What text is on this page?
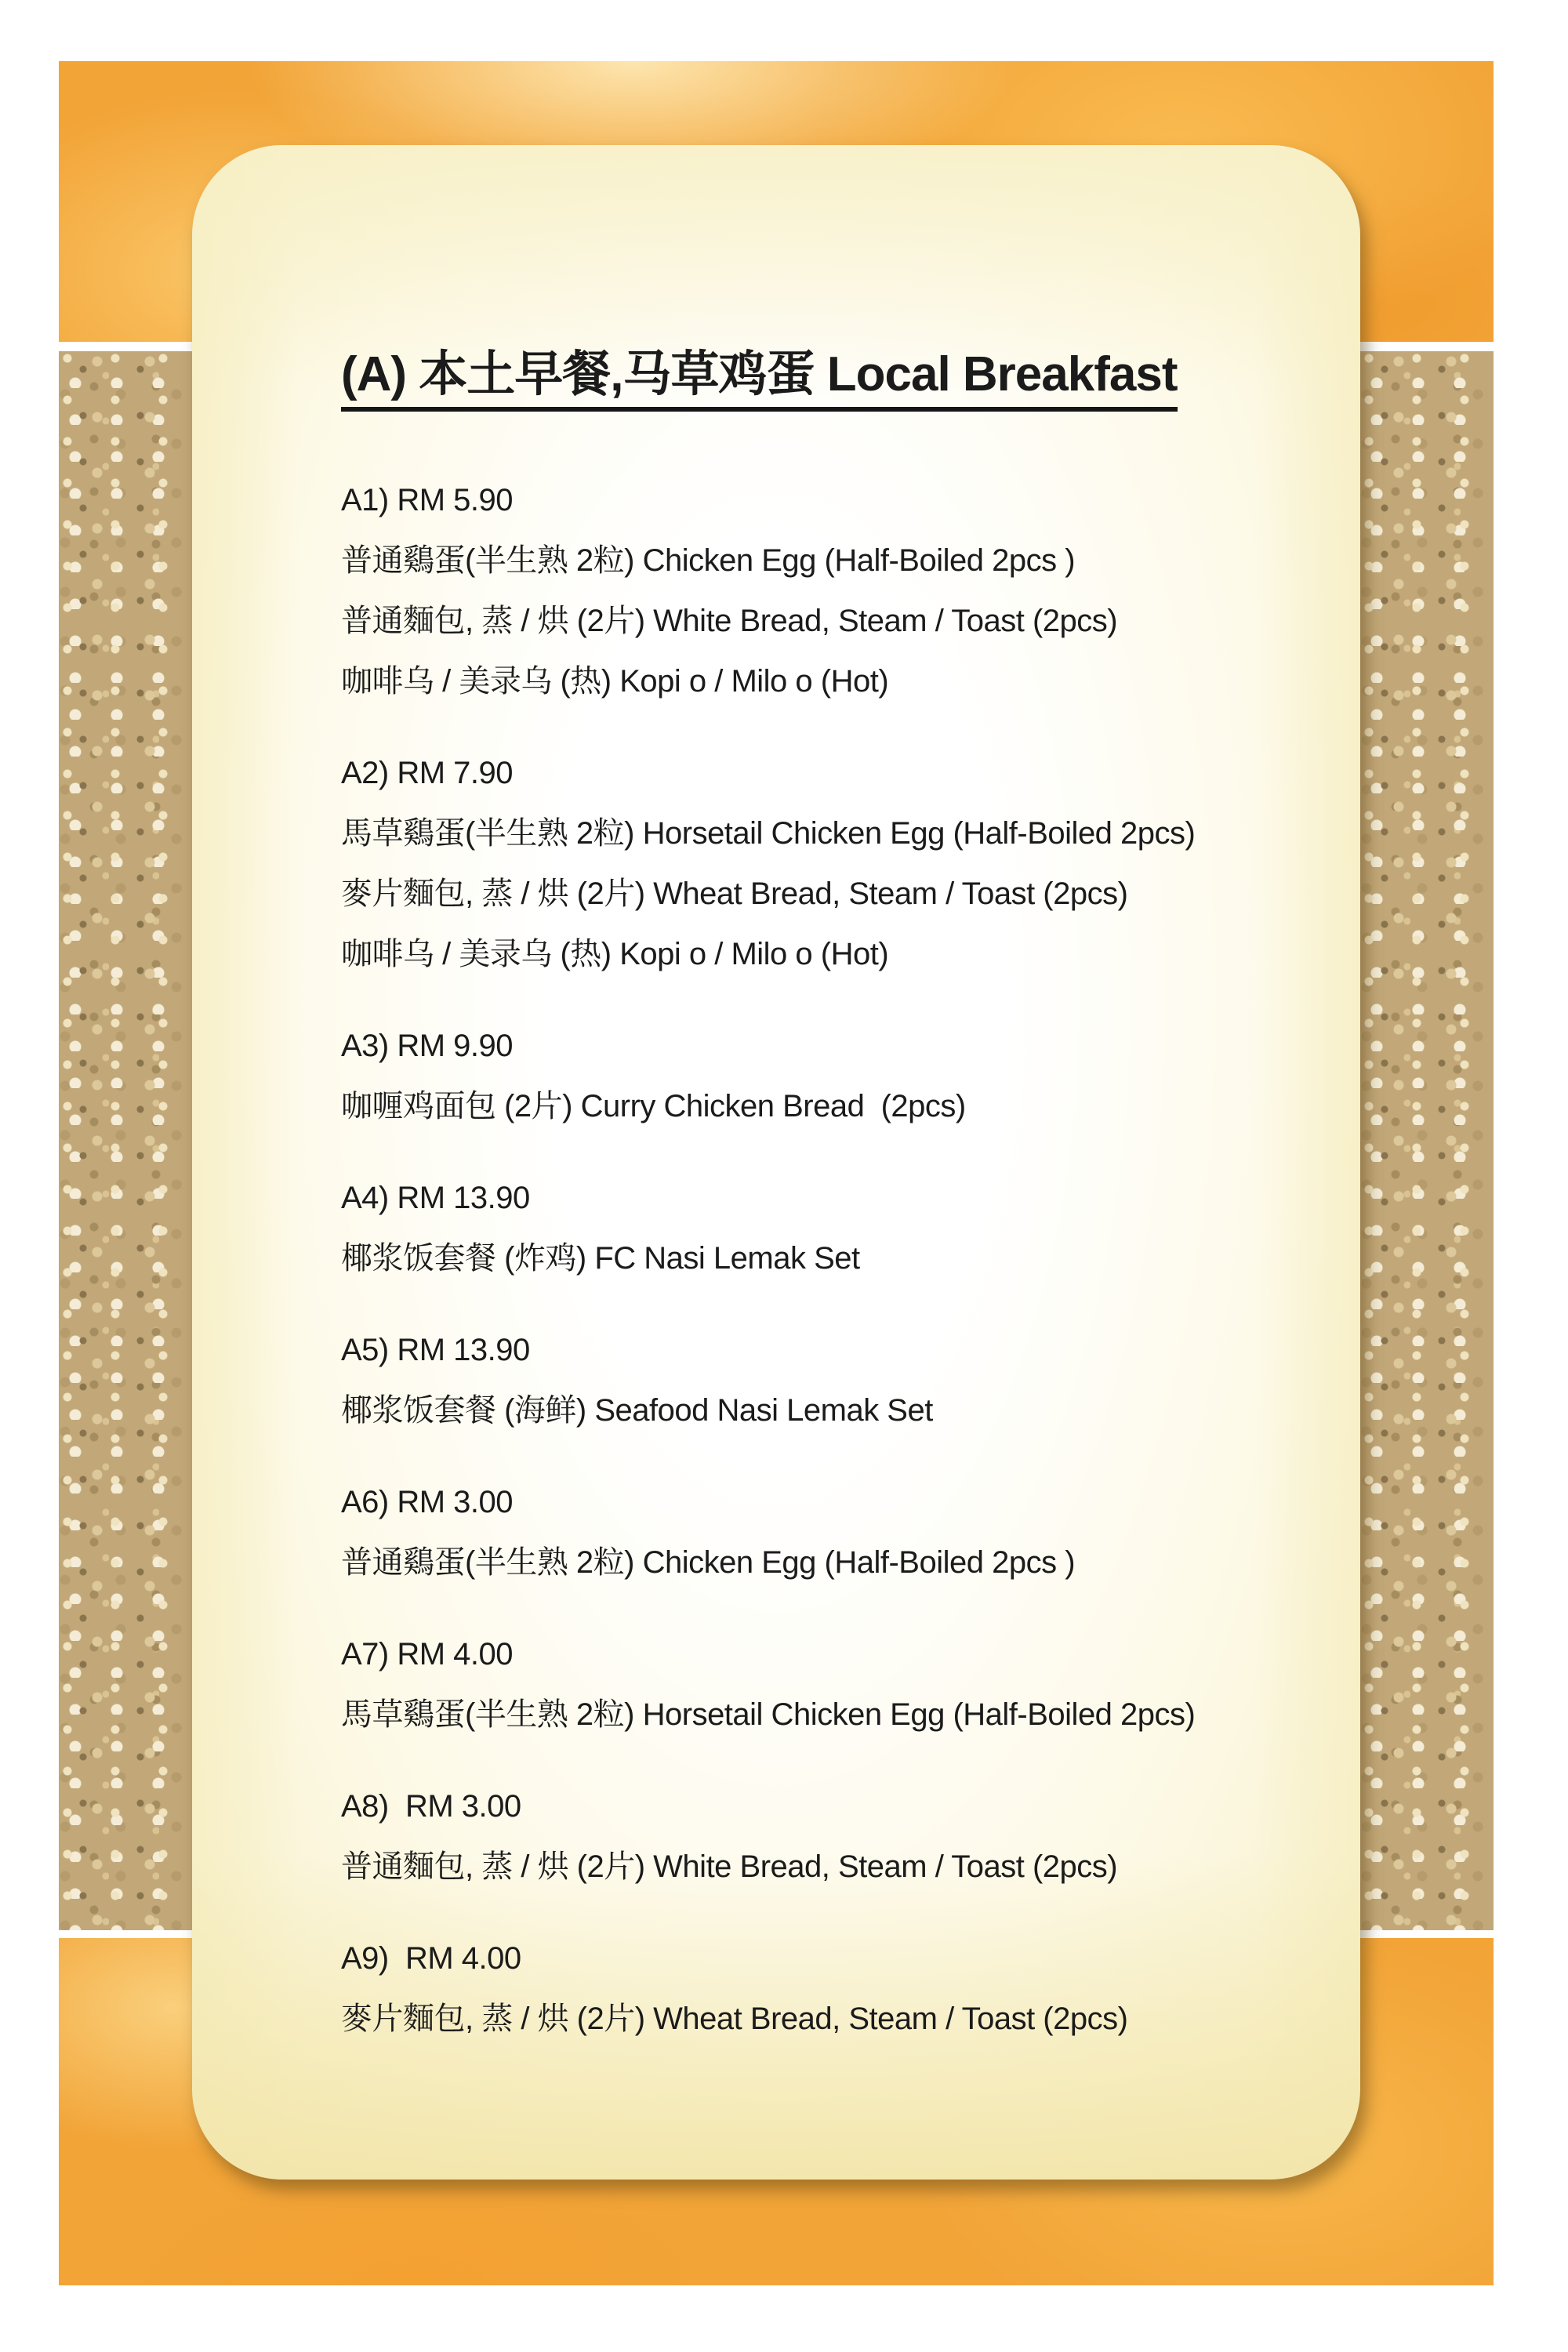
(A) 本土早餐,马草鸡蛋 Local Breakfast
A1) RM 5.90
普通鷄蛋(半生熟 2粒) Chicken Egg (Half-Boiled 2pcs )
普通麵包, 蒸 / 烘 (2片) White Bread, Steam / Toast (2pcs)
咖啡乌 / 美录乌 (热) Kopi o / Milo o (Hot)
A2) RM 7.90
馬草鷄蛋(半生熟 2粒) Horsetail Chicken Egg (Half-Boiled 2pcs)
麥片麵包, 蒸 / 烘 (2片) Wheat Bread, Steam / Toast (2pcs)
咖啡乌 / 美录乌 (热) Kopi o / Milo o (Hot)
A3) RM 9.90
咖喱鸡面包 (2片) Curry Chicken Bread  (2pcs)
A4) RM 13.90
椰浆饭套餐 (炸鸡) FC Nasi Lemak Set
A5) RM 13.90
椰浆饭套餐 (海鲜) Seafood Nasi Lemak Set
A6) RM 3.00
普通鷄蛋(半生熟 2粒) Chicken Egg (Half-Boiled 2pcs )
A7) RM 4.00
馬草鷄蛋(半生熟 2粒) Horsetail Chicken Egg (Half-Boiled 2pcs)
A8)  RM 3.00
普通麵包, 蒸 / 烘 (2片) White Bread, Steam / Toast (2pcs)
A9)  RM 4.00
麥片麵包, 蒸 / 烘 (2片) Wheat Bread, Steam / Toast (2pcs)
